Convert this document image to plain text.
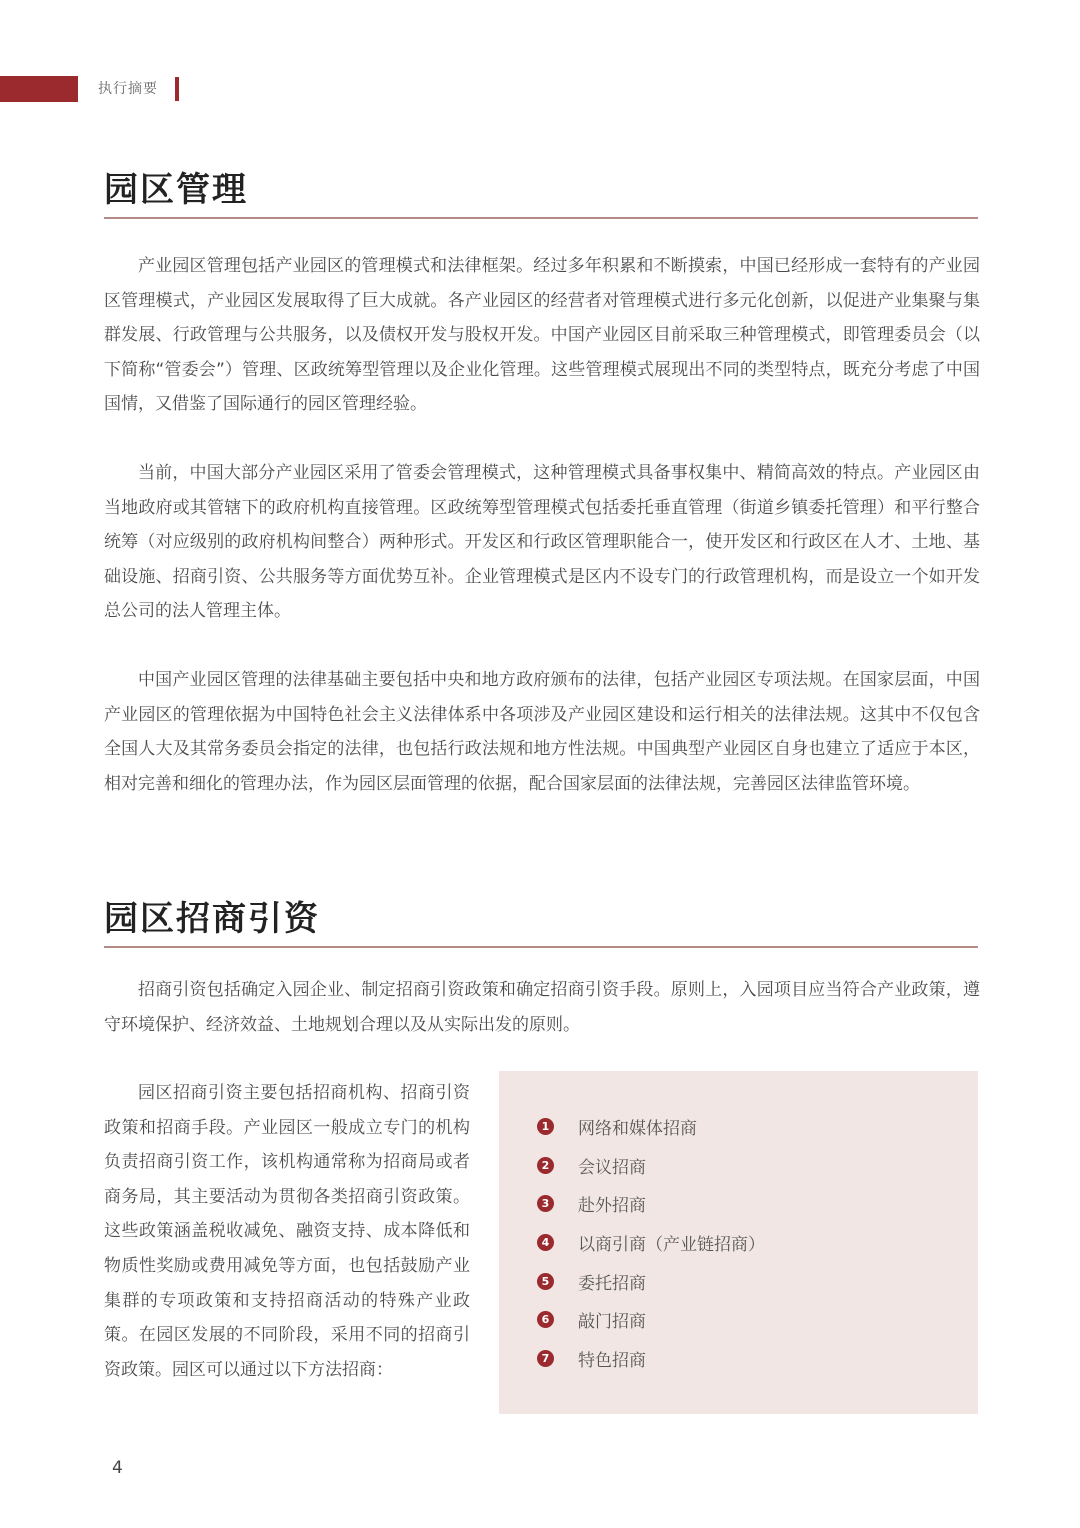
执行摘要
园区管理

产业园区管理包括产业园区的管理模式和法律框架。经过多年积累和不断摸索，中国已经形成一套特有的产业园区管理模式，产业园区发展取得了巨大成就。各产业园区的经营者对管理模式进行多元化创新，以促进产业集聚与集群发展、行政管理与公共服务，以及债权开发与股权开发。中国产业园区目前采取三种管理模式，即管理委员会（以下简称“管委会”）管理、区政统筹型管理以及企业化管理。这些管理模式展现出不同的类型特点，既充分考虑了中国国情，又借鉴了国际通行的园区管理经验。

当前，中国大部分产业园区采用了管委会管理模式，这种管理模式具备事权集中、精简高效的特点。产业园区由当地政府或其管辖下的政府机构直接管理。区政统筹型管理模式包括委托垂直管理（街道乡镇委托管理）和平行整合统筹（对应级别的政府机构间整合）两种形式。开发区和行政区管理职能合一，使开发区和行政区在人才、土地、基础设施、招商引资、公共服务等方面优势互补。企业管理模式是区内不设专门的行政管理机构，而是设立一个如开发总公司的法人管理主体。

中国产业园区管理的法律基础主要包括中央和地方政府颁布的法律，包括产业园区专项法规。在国家层面，中国产业园区的管理依据为中国特色社会主义法律体系中各项涉及产业园区建设和运行相关的法律法规。这其中不仅包含全国人大及其常务委员会指定的法律，也包括行政法规和地方性法规。中国典型产业园区自身也建立了适应于本区，相对完善和细化的管理办法，作为园区层面管理的依据，配合国家层面的法律法规，完善园区法律监管环境。

园区招商引资

招商引资包括确定入园企业、制定招商引资政策和确定招商引资手段。原则上，入园项目应当符合产业政策，遵守环境保护、经济效益、土地规划合理以及从实际出发的原则。

园区招商引资主要包括招商机构、招商引资政策和招商手段。产业园区一般成立专门的机构负责招商引资工作，该机构通常称为招商局或者商务局，其主要活动为贯彻各类招商引资政策。这些政策涵盖税收减免、融资支持、成本降低和物质性奖励或费用减免等方面，也包括鼓励产业集群的专项政策和支持招商活动的特殊产业政策。在园区发展的不同阶段，采用不同的招商引资政策。园区可以通过以下方法招商：

1 网络和媒体招商
2 会议招商
3 赴外招商
4 以商引商（产业链招商）
5 委托招商
6 敲门招商
7 特色招商
4
